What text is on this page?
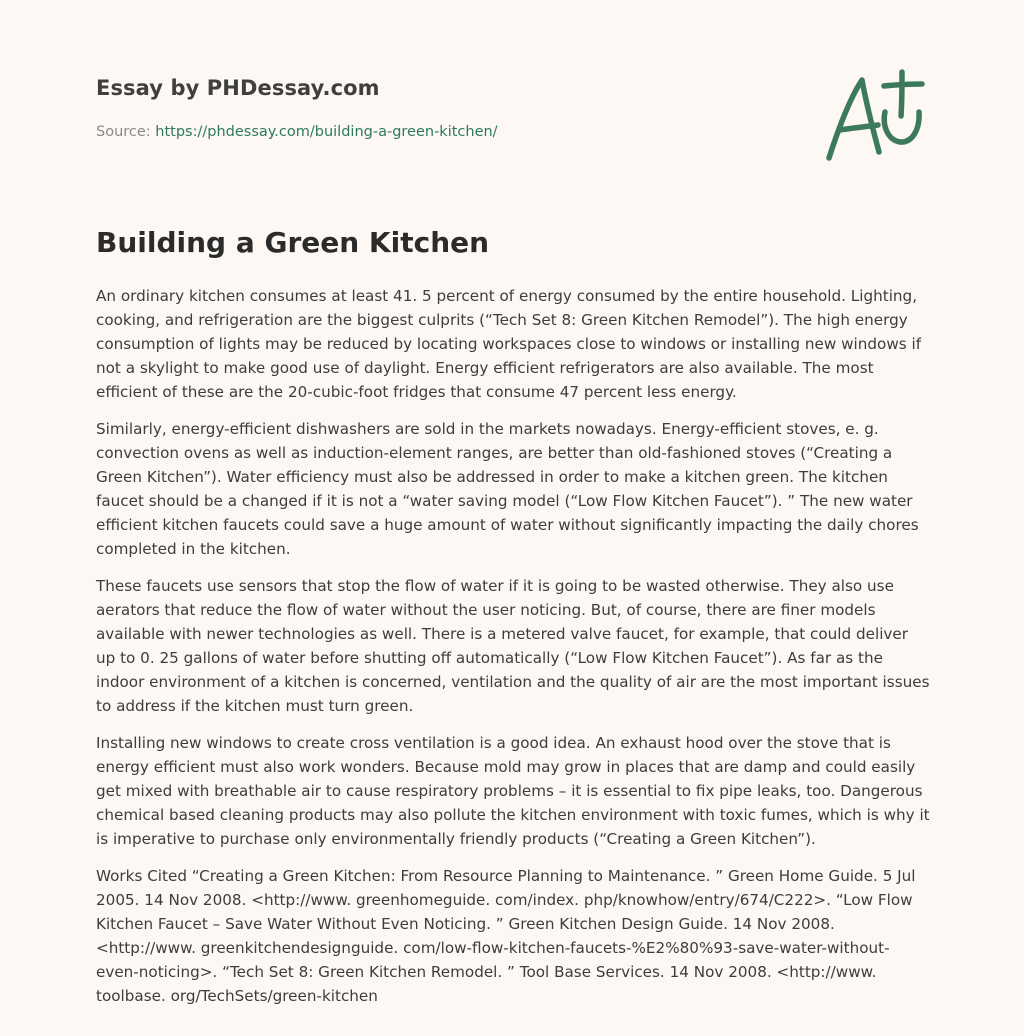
Essay by PHDessay.com
Source: https://phdessay.com/building-a-green-kitchen/
Building a Green Kitchen

An ordinary kitchen consumes at least 41. 5 percent of energy consumed by the entire household. Lighting, cooking, and refrigeration are the biggest culprits (“Tech Set 8: Green Kitchen Remodel”). The high energy consumption of lights may be reduced by locating workspaces close to windows or installing new windows if not a skylight to make good use of daylight. Energy efficient refrigerators are also available. The most efficient of these are the 20-cubic-foot fridges that consume 47 percent less energy.

Similarly, energy-efficient dishwashers are sold in the markets nowadays. Energy-efficient stoves, e. g. convection ovens as well as induction-element ranges, are better than old-fashioned stoves (“Creating a Green Kitchen”). Water efficiency must also be addressed in order to make a kitchen green. The kitchen faucet should be a changed if it is not a “water saving model (“Low Flow Kitchen Faucet”). ” The new water efficient kitchen faucets could save a huge amount of water without significantly impacting the daily chores completed in the kitchen.

These faucets use sensors that stop the flow of water if it is going to be wasted otherwise. They also use aerators that reduce the flow of water without the user noticing. But, of course, there are finer models available with newer technologies as well. There is a metered valve faucet, for example, that could deliver up to 0. 25 gallons of water before shutting off automatically (“Low Flow Kitchen Faucet”). As far as the indoor environment of a kitchen is concerned, ventilation and the quality of air are the most important issues to address if the kitchen must turn green.

Installing new windows to create cross ventilation is a good idea. An exhaust hood over the stove that is energy efficient must also work wonders. Because mold may grow in places that are damp and could easily get mixed with breathable air to cause respiratory problems – it is essential to fix pipe leaks, too. Dangerous chemical based cleaning products may also pollute the kitchen environment with toxic fumes, which is why it is imperative to purchase only environmentally friendly products (“Creating a Green Kitchen”).

Works Cited “Creating a Green Kitchen: From Resource Planning to Maintenance. ” Green Home Guide. 5 Jul 2005. 14 Nov 2008. <http://www. greenhomeguide. com/index. php/knowhow/entry/674/C222>. “Low Flow Kitchen Faucet – Save Water Without Even Noticing. ” Green Kitchen Design Guide. 14 Nov 2008. <http://www. greenkitchendesignguide. com/low-flow-kitchen-faucets-%E2%80%93-save-water-without-even-noticing>. “Tech Set 8: Green Kitchen Remodel. ” Tool Base Services. 14 Nov 2008. <http://www. toolbase. org/TechSets/green-kitchen
